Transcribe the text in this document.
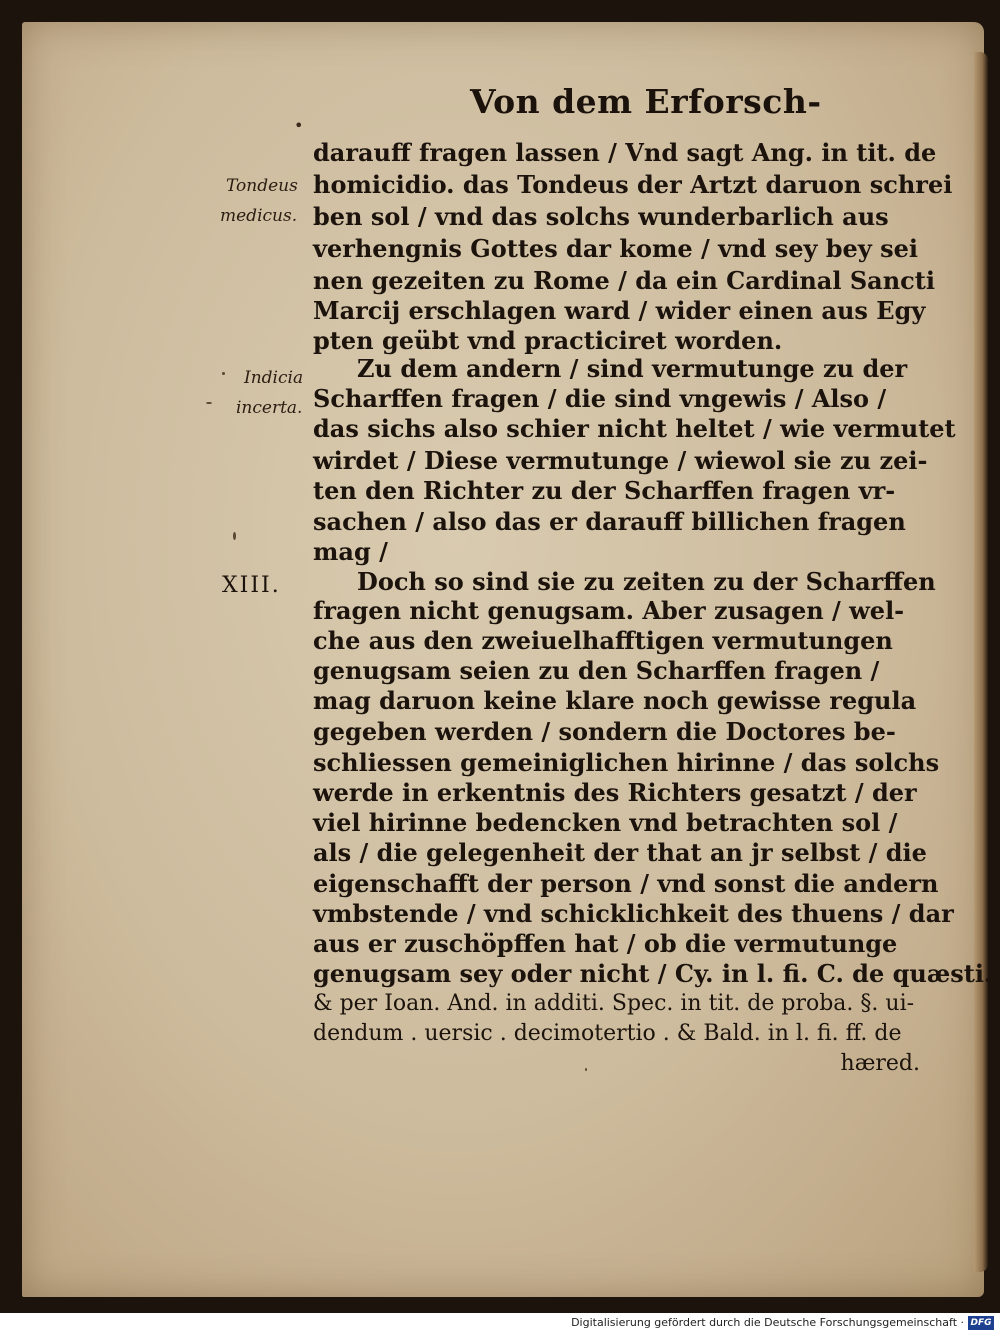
•
Von dem Erforsch‑
Tondeus
medicus.
Indicia
incerta.
XIII.
darauff fragen lassen / Vnd sagt Ang. in tit. de
homicidio. das Tondeus der Artzt daruon schrei
ben sol / vnd das solchs wunderbarlich aus
verhengnis Gottes dar kome / vnd sey bey sei
nen gezeiten zu Rome / da ein Cardinal Sancti
Marcij erschlagen ward / wider einen aus Egy
pten geübt vnd practiciret worden.
Zu dem andern / sind vermutunge zu der
Scharffen fragen / die sind vngewis / Also /
das sichs also schier nicht heltet / wie vermutet
wirdet / Diese vermutunge / wiewol sie zu zei‑
ten den Richter zu der Scharffen fragen vr‑
sachen / also das er darauff billichen fragen
mag /
Doch so sind sie zu zeiten zu der Scharffen
fragen nicht genugsam. Aber zusagen / wel‑
che aus den zweiuelhafftigen vermutungen
genugsam seien zu den Scharffen fragen /
mag daruon keine klare noch gewisse regula
gegeben werden / sondern die Doctores be‑
schliessen gemeiniglichen hirinne / das solchs
werde in erkentnis des Richters gesatzt / der
viel hirinne bedencken vnd betrachten sol /
als / die gelegenheit der that an jr selbst / die
eigenschafft der person / vnd sonst die andern
vmbstende / vnd schicklichkeit des thuens / dar
aus er zuschöpffen hat / ob die vermutunge
genugsam sey oder nicht / Cy. in l. fi. C. de quæsti.
& per Ioan. And. in additi. Spec. in tit. de proba. §. ui‑
dendum . uersic . decimotertio . & Bald. in l. fi. ff. de
hæred.
Digitalisierung gefördert durch die Deutsche Forschungsgemeinschaft · DFG
